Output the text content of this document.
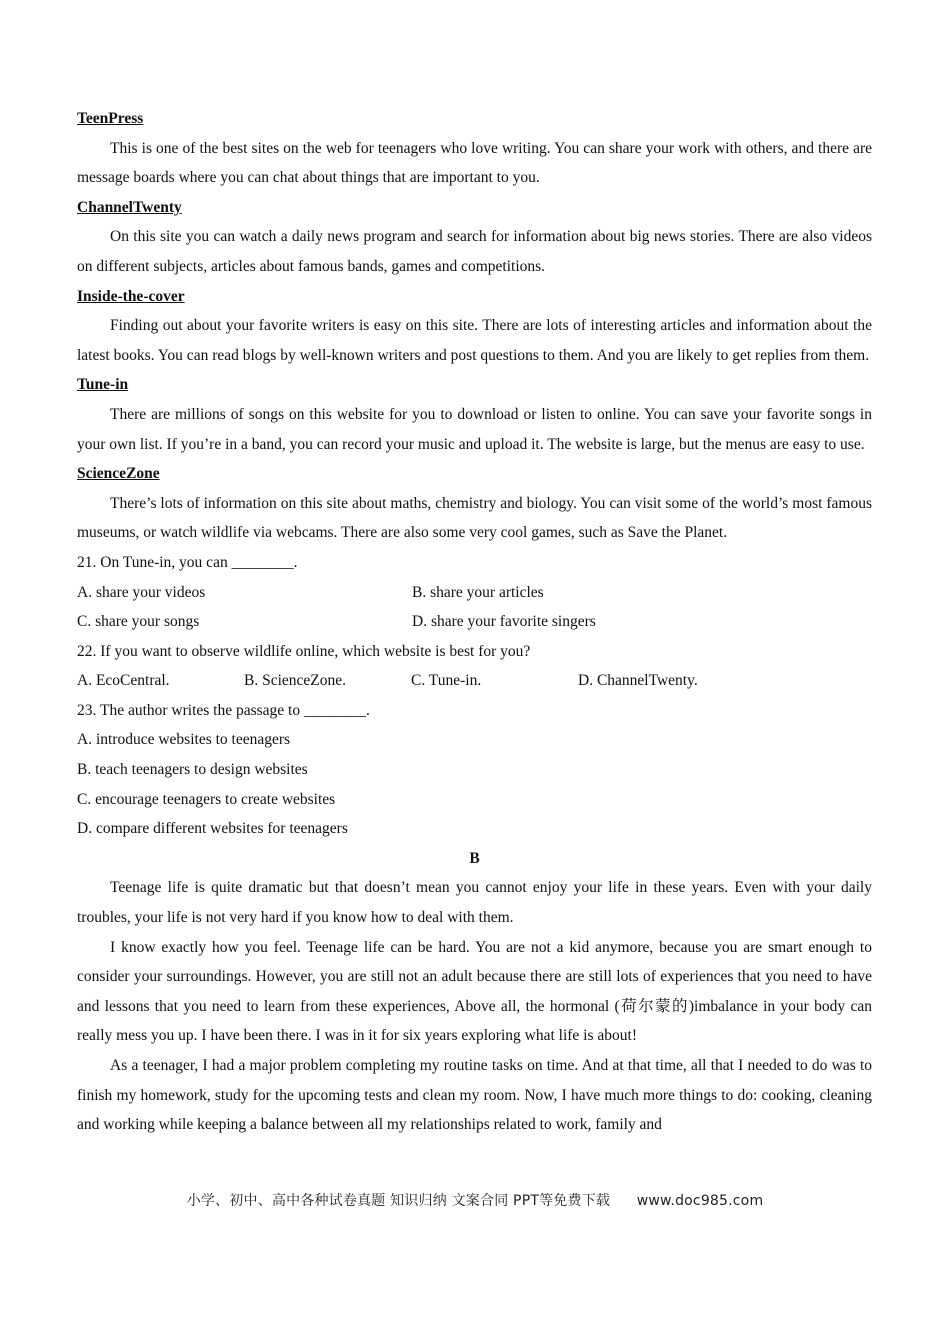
TeenPress

This is one of the best sites on the web for teenagers who love writing. You can share your work with others, and there are message boards where you can chat about things that are important to you.

ChannelTwenty

On this site you can watch a daily news program and search for information about big news stories. There are also videos on different subjects, articles about famous bands, games and competitions.

Inside-the-cover

Finding out about your favorite writers is easy on this site. There are lots of interesting articles and information about the latest books. You can read blogs by well-known writers and post questions to them. And you are likely to get replies from them.

Tune-in

There are millions of songs on this website for you to download or listen to online. You can save your favorite songs in your own list. If you’re in a band, you can record your music and upload it. The website is large, but the menus are easy to use.

ScienceZone

There’s lots of information on this site about maths, chemistry and biology. You can visit some of the world’s most famous museums, or watch wildlife via webcams. There are also some very cool games, such as Save the Planet.

21. On Tune-in, you can ________.

A. share your videos	B. share your articles
C. share your songs	D. share your favorite singers

22. If you want to observe wildlife online, which website is best for you?

A. EcoCentral.	B. ScienceZone.	C. Tune-in.	D. ChannelTwenty.

23. The author writes the passage to ________.

A. introduce websites to teenagers

B. teach teenagers to design websites

C. encourage teenagers to create websites

D. compare different websites for teenagers

B

Teenage life is quite dramatic but that doesn’t mean you cannot enjoy your life in these years. Even with your daily troubles, your life is not very hard if you know how to deal with them.

I know exactly how you feel. Teenage life can be hard. You are not a kid anymore, because you are smart enough to consider your surroundings. However, you are still not an adult because there are still lots of experiences that you need to have and lessons that you need to learn from these experiences, Above all, the hormonal (荷尔蒙的)imbalance in your body can really mess you up. I have been there. I was in it for six years exploring what life is about!

As a teenager, I had a major problem completing my routine tasks on time. And at that time, all that I needed to do was to finish my homework, study for the upcoming tests and clean my room. Now, I have much more things to do: cooking, cleaning and working while keeping a balance between all my relationships related to work, family and

小学、初中、高中各种试卷真题 知识归纳 文案合同 PPT等免费下载 www.doc985.com
